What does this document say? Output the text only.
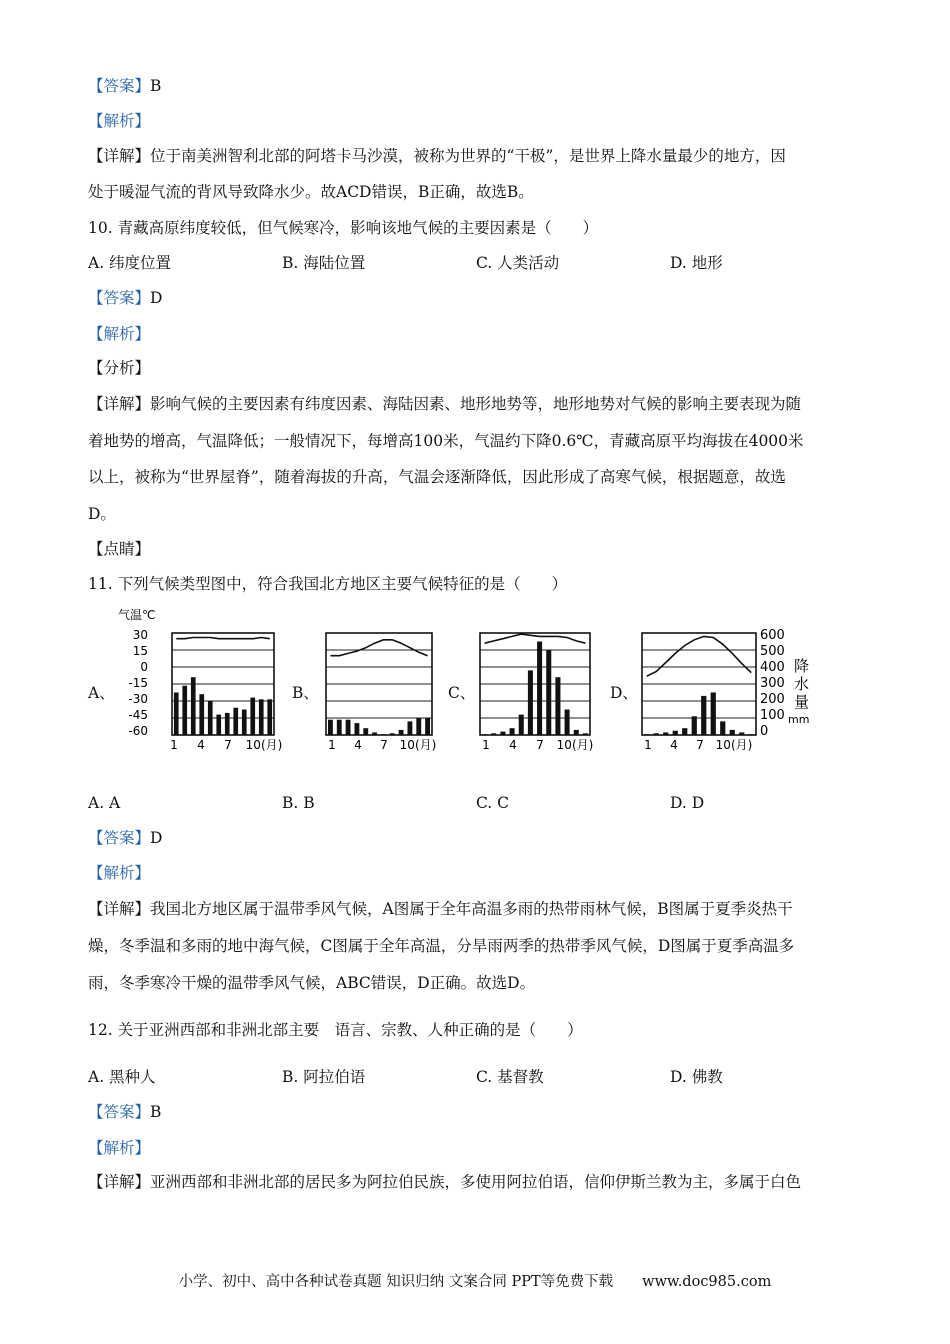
【答案】B
【解析】
【详解】位于南美洲智利北部的阿塔卡马沙漠，被称为世界的“干极”，是世界上降水量最少的地方，因
处于暖湿气流的背风导致降水少。故ACD错误，B正确，故选B。
10. 青藏高原纬度较低，但气候寒冷，影响该地气候的主要因素是（　　）
A. 纬度位置	B. 海陆位置	C. 人类活动	D. 地形
【答案】D
【解析】
【分析】
【详解】影响气候的主要因素有纬度因素、海陆因素、地形地势等，地形地势对气候的影响主要表现为随
着地势的增高，气温降低；一般情况下，每增高100米，气温约下降0.6℃，青藏高原平均海拔在4000米
以上，被称为“世界屋脊”，随着海拔的升高，气温会逐渐降低，因此形成了高寒气候，根据题意，故选
D。
【点睛】
11. 下列气候类型图中，符合我国北方地区主要气候特征的是（　　）
A、	B、	C、	D、
气温℃
30
15
0
-15
-30
-45
-60
1 4 7 10(月)	1 4 7 10(月)	1 4 7 10(月)	1 4 7 10(月)
600
500
400
300
200
100
0
降
水
量
mm
A. A	B. B	C. C	D. D
【答案】D
【解析】
【详解】我国北方地区属于温带季风气候，A图属于全年高温多雨的热带雨林气候，B图属于夏季炎热干
燥，冬季温和多雨的地中海气候，C图属于全年高温，分旱雨两季的热带季风气候，D图属于夏季高温多
雨，冬季寒冷干燥的温带季风气候，ABC错误，D正确。故选D。
12. 关于亚洲西部和非洲北部主要　语言、宗教、人种正确的是（　　）
A. 黑种人	B. 阿拉伯语	C. 基督教	D. 佛教
【答案】B
【解析】
【详解】亚洲西部和非洲北部的居民多为阿拉伯民族，多使用阿拉伯语，信仰伊斯兰教为主，多属于白色
小学、初中、高中各种试卷真题 知识归纳 文案合同 PPT等免费下载　　www.doc985.com
